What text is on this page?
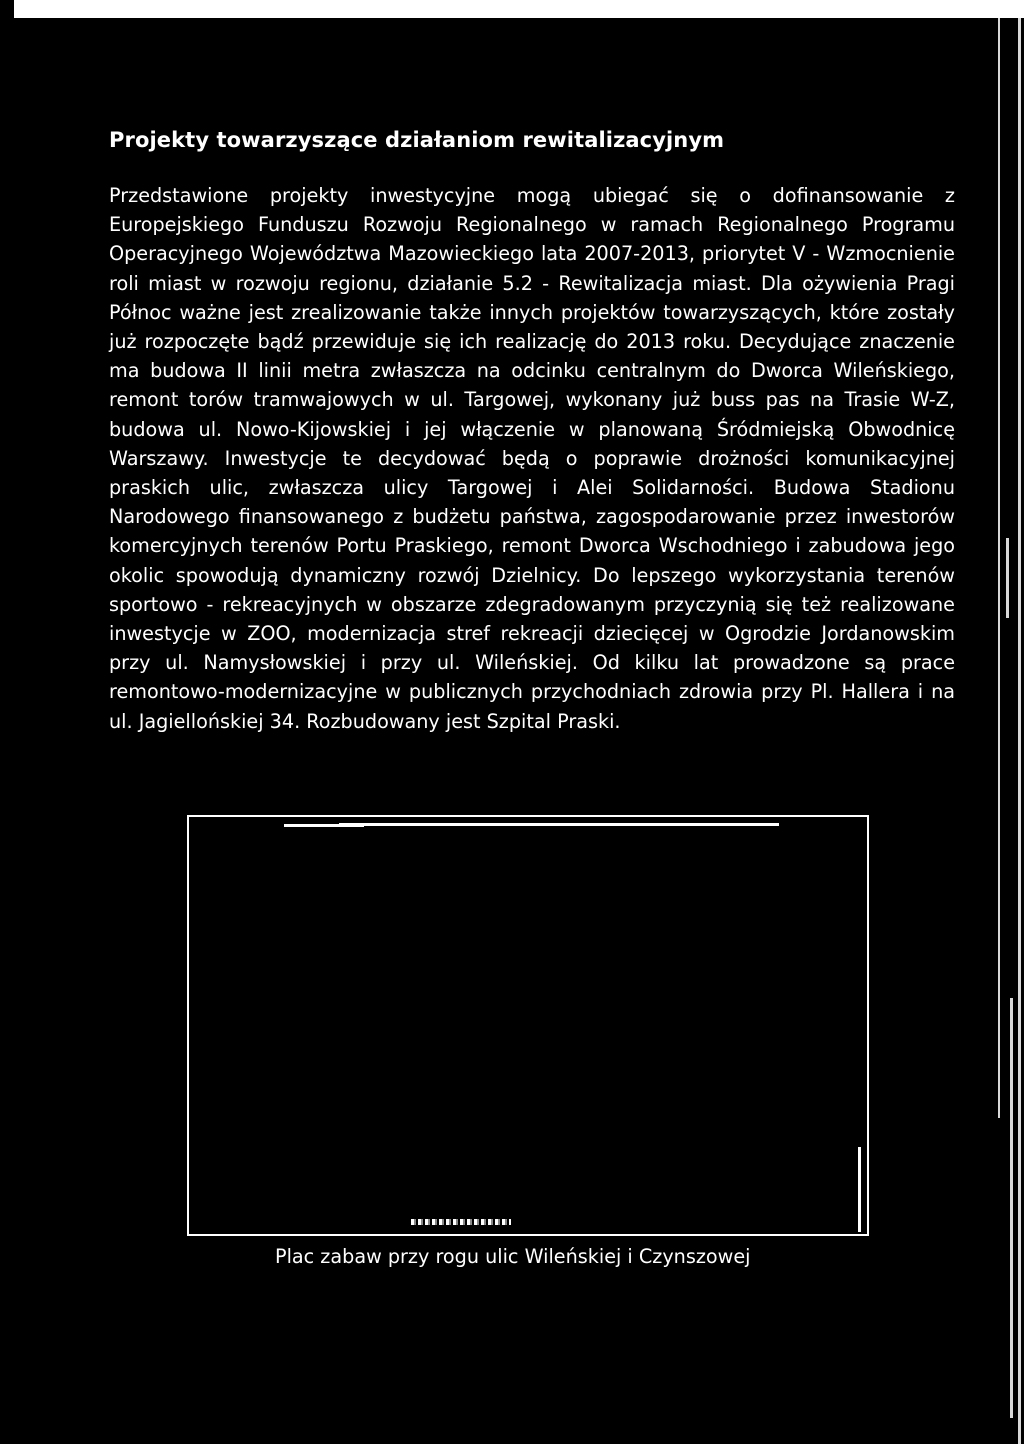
Projekty towarzyszące działaniom rewitalizacyjnym

Przedstawione projekty inwestycyjne mogą ubiegać się o dofinansowanie z Europejskiego Funduszu Rozwoju Regionalnego w ramach Regionalnego Programu Operacyjnego Województwa Mazowieckiego lata 2007-2013, priorytet V - Wzmocnienie roli miast w rozwoju regionu, działanie 5.2 - Rewitalizacja miast. Dla ożywienia Pragi Północ ważne jest zrealizowanie także innych projektów towarzyszących, które zostały już rozpoczęte bądź przewiduje się ich realizację do 2013 roku. Decydujące znaczenie ma budowa II linii metra zwłaszcza na odcinku centralnym do Dworca Wileńskiego, remont torów tramwajowych w ul. Targowej, wykonany już buss pas na Trasie W-Z, budowa ul. Nowo-Kijowskiej i jej włączenie w planowaną Śródmiejską Obwodnicę Warszawy. Inwestycje te decydować będą o poprawie drożności komunikacyjnej praskich ulic, zwłaszcza ulicy Targowej i Alei Solidarności. Budowa Stadionu Narodowego finansowanego z budżetu państwa, zagospodarowanie przez inwestorów komercyjnych terenów Portu Praskiego, remont Dworca Wschodniego i zabudowa jego okolic spowodują dynamiczny rozwój Dzielnicy. Do lepszego wykorzystania terenów sportowo - rekreacyjnych w obszarze zdegradowanym przyczynią się też realizowane inwestycje w ZOO, modernizacja stref rekreacji dziecięcej w Ogrodzie Jordanowskim przy ul. Namysłowskiej i przy ul. Wileńskiej. Od kilku lat prowadzone są prace remontowo-modernizacyjne w publicznych przychodniach zdrowia przy Pl. Hallera i na ul. Jagiellońskiej 34. Rozbudowany jest Szpital Praski.

Plac zabaw przy rogu ulic Wileńskiej i Czynszowej
